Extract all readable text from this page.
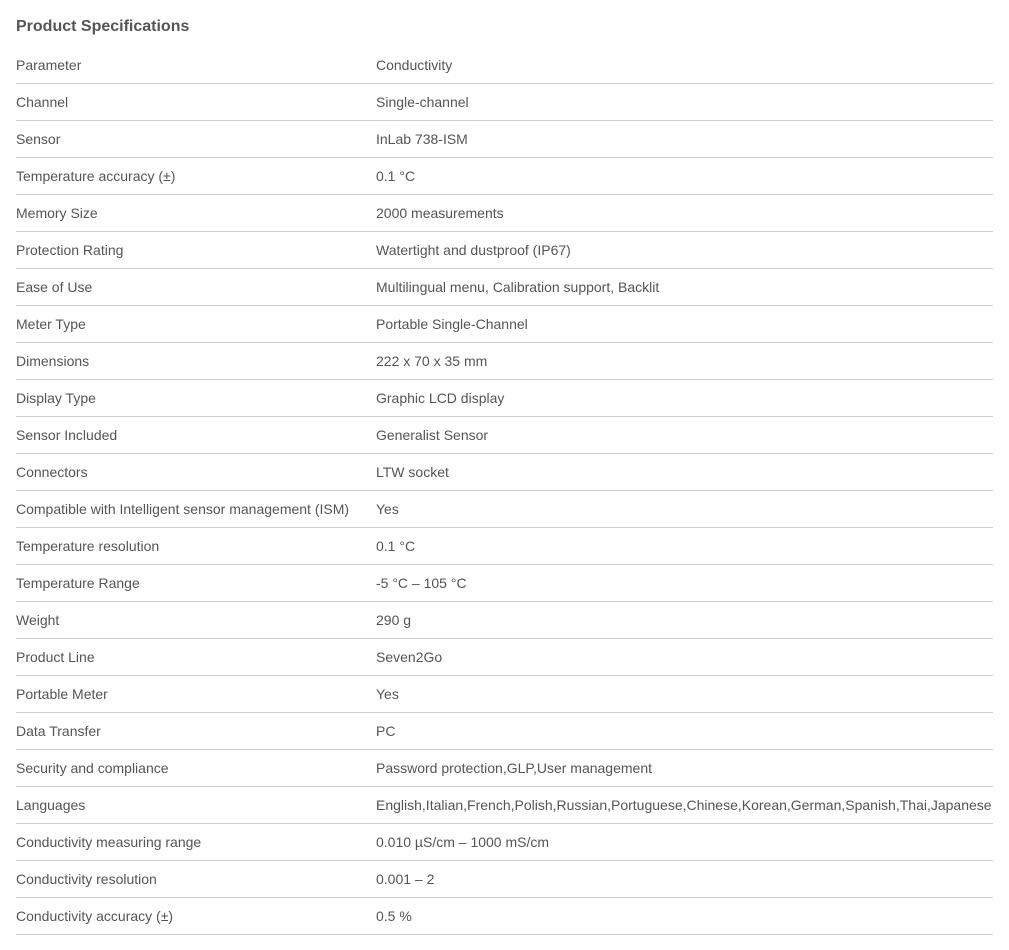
Product Specifications
Parameter	Conductivity
Channel	Single-channel
Sensor	InLab 738-ISM
Temperature accuracy (±)	0.1 °C
Memory Size	2000 measurements
Protection Rating	Watertight and dustproof (IP67)
Ease of Use	Multilingual menu, Calibration support, Backlit
Meter Type	Portable Single-Channel
Dimensions	222 x 70 x 35 mm
Display Type	Graphic LCD display
Sensor Included	Generalist Sensor
Connectors	LTW socket
Compatible with Intelligent sensor management (ISM)	Yes
Temperature resolution	0.1 °C
Temperature Range	-5 °C – 105 °C
Weight	290 g
Product Line	Seven2Go
Portable Meter	Yes
Data Transfer	PC
Security and compliance	Password protection,GLP,User management
Languages	English,Italian,French,Polish,Russian,Portuguese,Chinese,Korean,German,Spanish,Thai,Japanese
Conductivity measuring range	0.010 µS/cm – 1000 mS/cm
Conductivity resolution	0.001 – 2
Conductivity accuracy (±)	0.5 %
